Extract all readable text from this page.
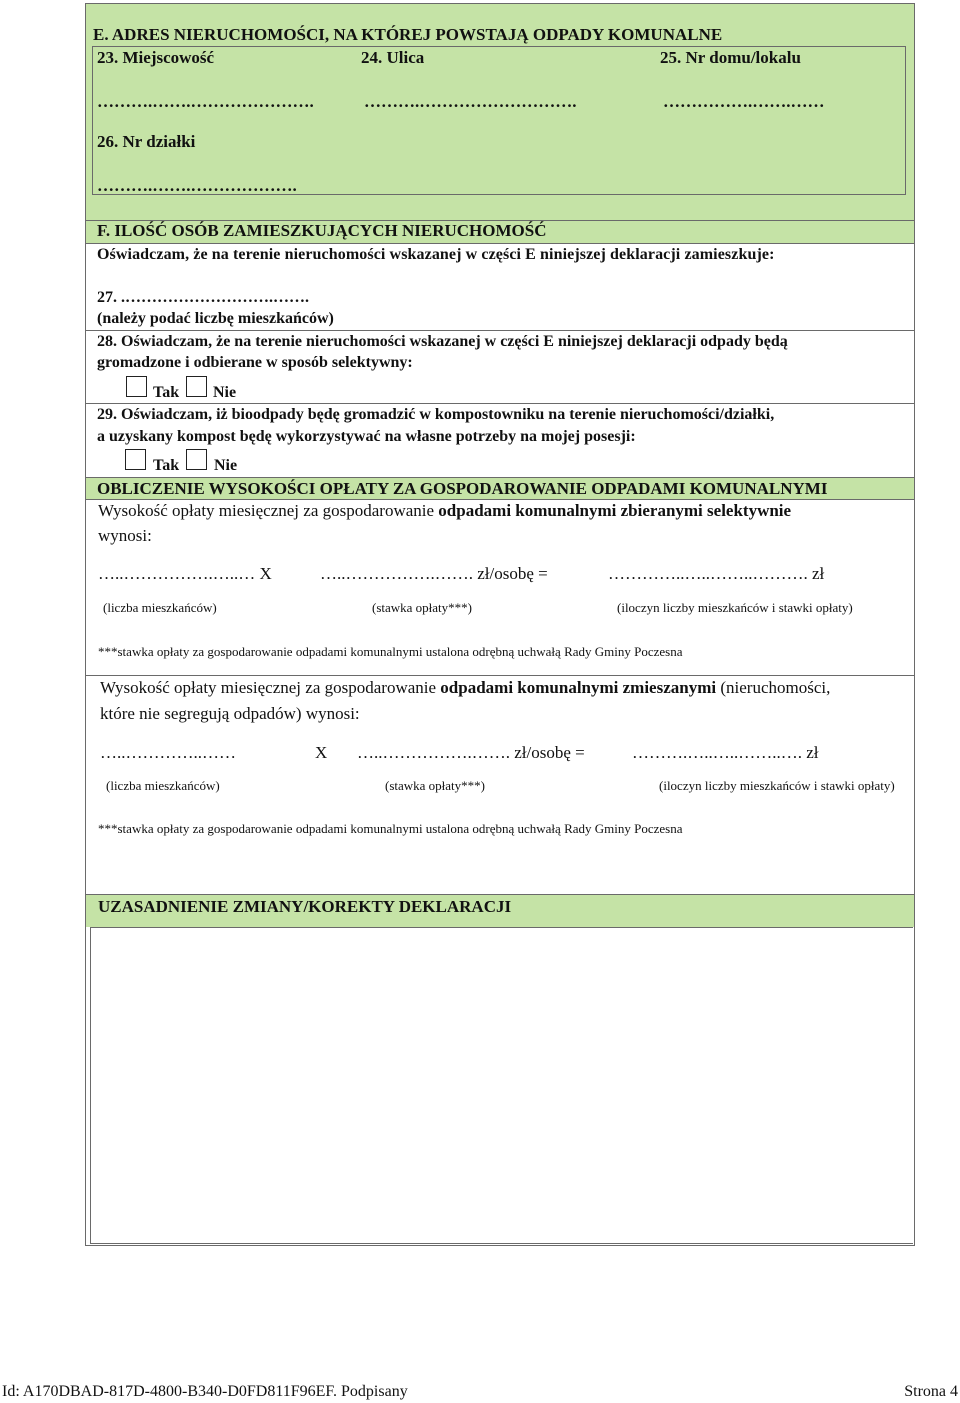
E. ADRES NIERUCHOMOŚCI, NA KTÓREJ POWSTAJĄ ODPADY KOMUNALNE
23. Miejscowość	24. Ulica	25. Nr domu/lokalu
……….…….………………….	……….……………………….	…………….…….……
26. Nr działki
……….…….……………….
F. ILOŚĆ OSÓB ZAMIESZKUJĄCYCH NIERUCHOMOŚĆ
Oświadczam, że na terenie nieruchomości wskazanej w części E niniejszej deklaracji zamieszkuje:
27. .……………………….…….
(należy podać liczbę mieszkańców)
28. Oświadczam, że na terenie nieruchomości wskazanej w części E niniejszej deklaracji odpady będą
gromadzone i odbierane w sposób selektywny:
Tak Nie
29. Oświadczam, iż bioodpady będę gromadzić w kompostowniku na terenie nieruchomości/działki,
a uzyskany kompost będę wykorzystywać na własne potrzeby na mojej posesji:
Tak Nie
OBLICZENIE WYSOKOŚCI OPŁATY ZA GOSPODAROWANIE ODPADAMI KOMUNALNYMI
Wysokość opłaty miesięcznej za gospodarowanie odpadami komunalnymi zbieranymi selektywnie
wynosi:
…..…………….…..… X	…..…………….……. zł/osobę =	…………..…..……..………. zł
(liczba mieszkańców)	(stawka opłaty***)	(iloczyn liczby mieszkańców i stawki opłaty)
***stawka opłaty za gospodarowanie odpadami komunalnymi ustalona odrębną uchwałą Rady Gminy Poczesna
Wysokość opłaty miesięcznej za gospodarowanie odpadami komunalnymi zmieszanymi (nieruchomości,
które nie segregują odpadów) wynosi:
…..…………..……	X …..…………….……. zł/osobę =	……….…..…..……..…. zł
(liczba mieszkańców)	(stawka opłaty***)	(iloczyn liczby mieszkańców i stawki opłaty)
***stawka opłaty za gospodarowanie odpadami komunalnymi ustalona odrębną uchwałą Rady Gminy Poczesna
UZASADNIENIE ZMIANY/KOREKTY DEKLARACJI
Id: A170DBAD-817D-4800-B340-D0FD811F96EF. Podpisany	Strona 4
